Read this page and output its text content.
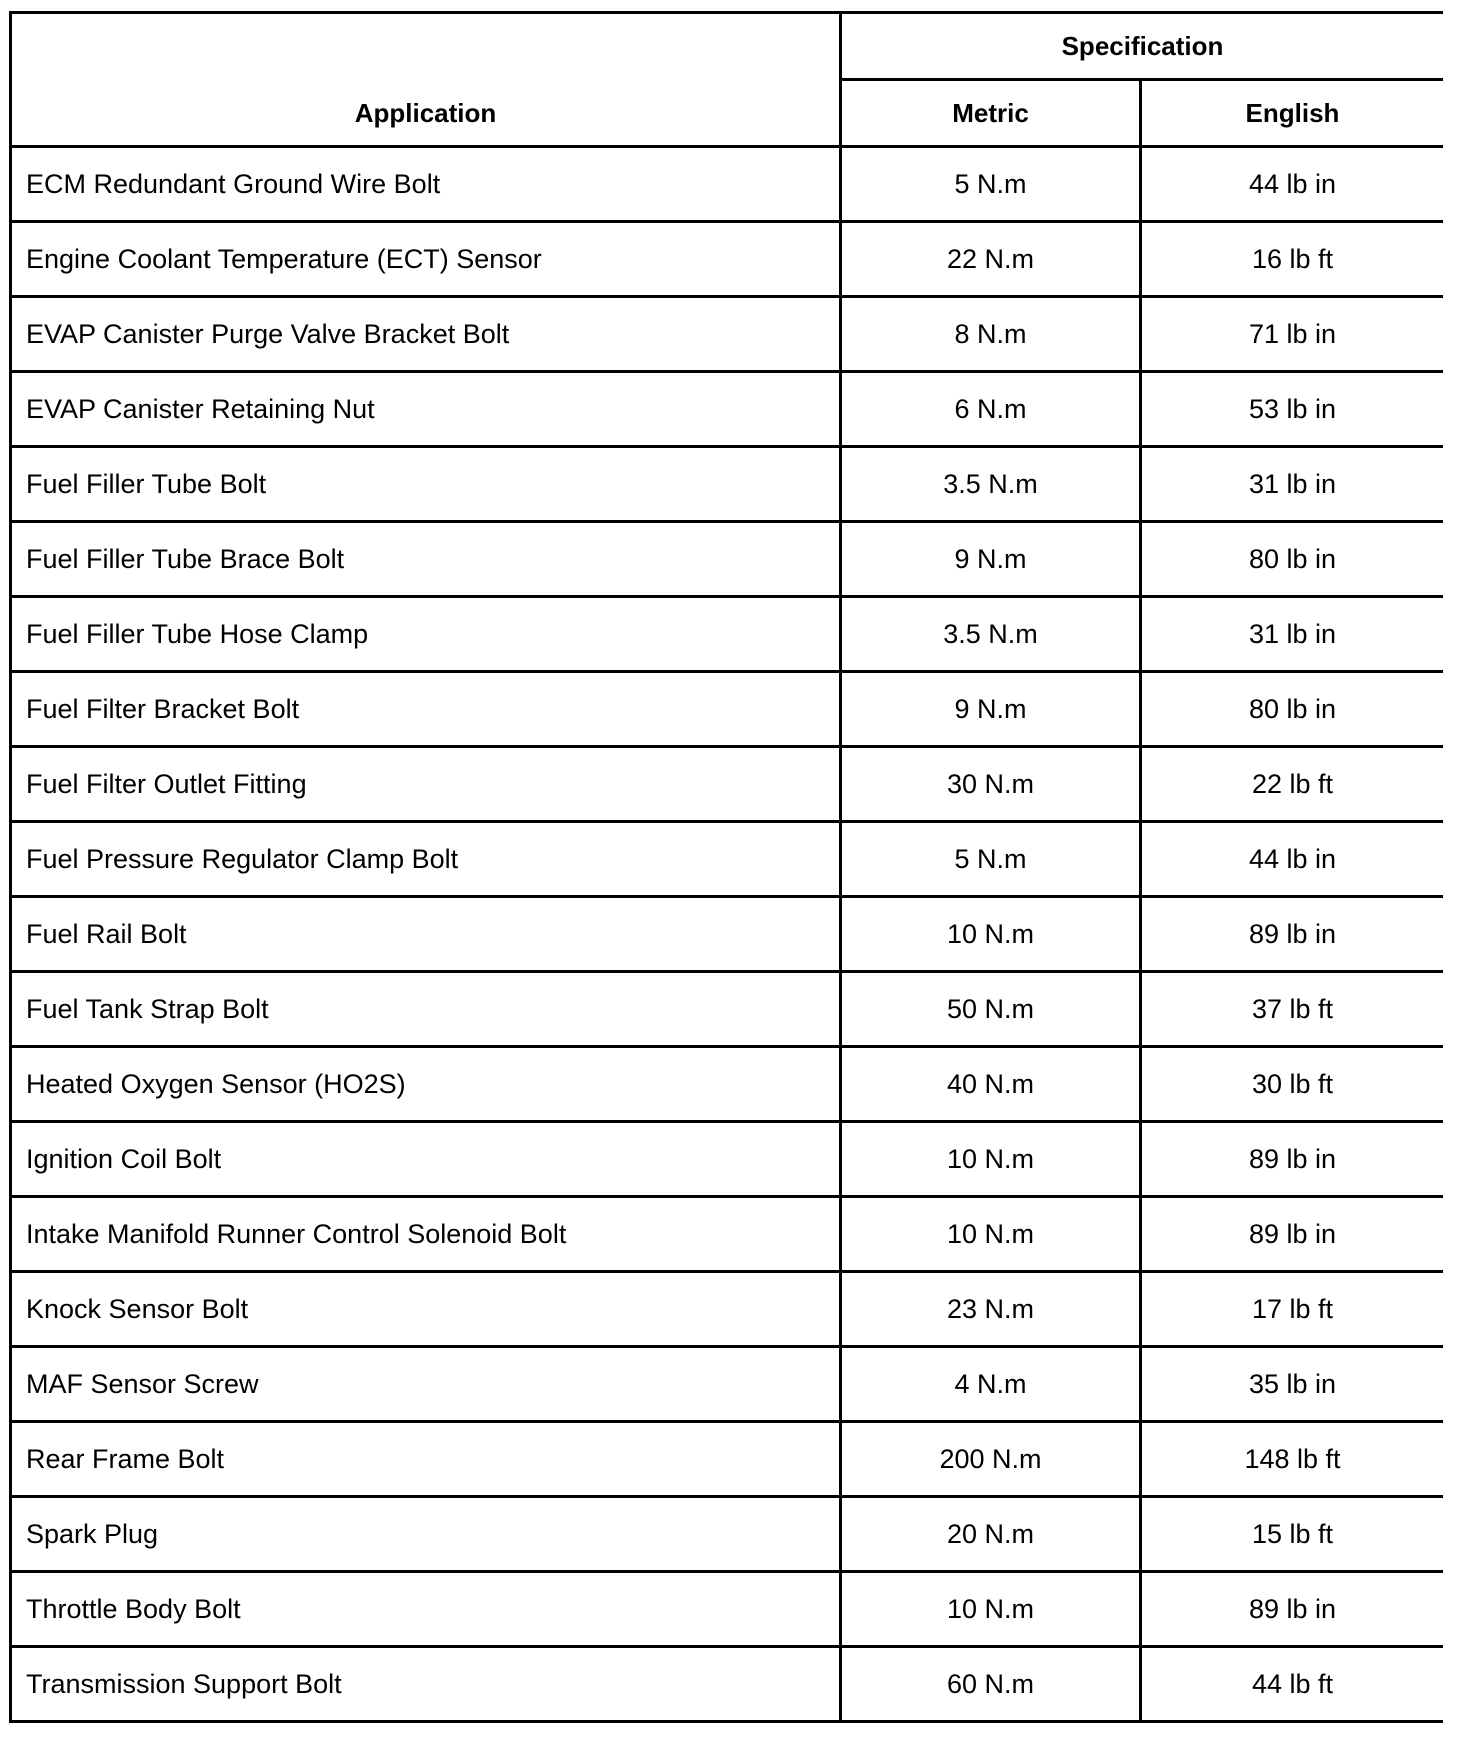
Application	Specification	
	Metric	English
ECM Redundant Ground Wire Bolt	5 N.m	44 lb in
Engine Coolant Temperature (ECT) Sensor	22 N.m	16 lb ft
EVAP Canister Purge Valve Bracket Bolt	8 N.m	71 lb in
EVAP Canister Retaining Nut	6 N.m	53 lb in
Fuel Filler Tube Bolt	3.5 N.m	31 lb in
Fuel Filler Tube Brace Bolt	9 N.m	80 lb in
Fuel Filler Tube Hose Clamp	3.5 N.m	31 lb in
Fuel Filter Bracket Bolt	9 N.m	80 lb in
Fuel Filter Outlet Fitting	30 N.m	22 lb ft
Fuel Pressure Regulator Clamp Bolt	5 N.m	44 lb in
Fuel Rail Bolt	10 N.m	89 lb in
Fuel Tank Strap Bolt	50 N.m	37 lb ft
Heated Oxygen Sensor (HO2S)	40 N.m	30 lb ft
Ignition Coil Bolt	10 N.m	89 lb in
Intake Manifold Runner Control Solenoid Bolt	10 N.m	89 lb in
Knock Sensor Bolt	23 N.m	17 lb ft
MAF Sensor Screw	4 N.m	35 lb in
Rear Frame Bolt	200 N.m	148 lb ft
Spark Plug	20 N.m	15 lb ft
Throttle Body Bolt	10 N.m	89 lb in
Transmission Support Bolt	60 N.m	44 lb ft
